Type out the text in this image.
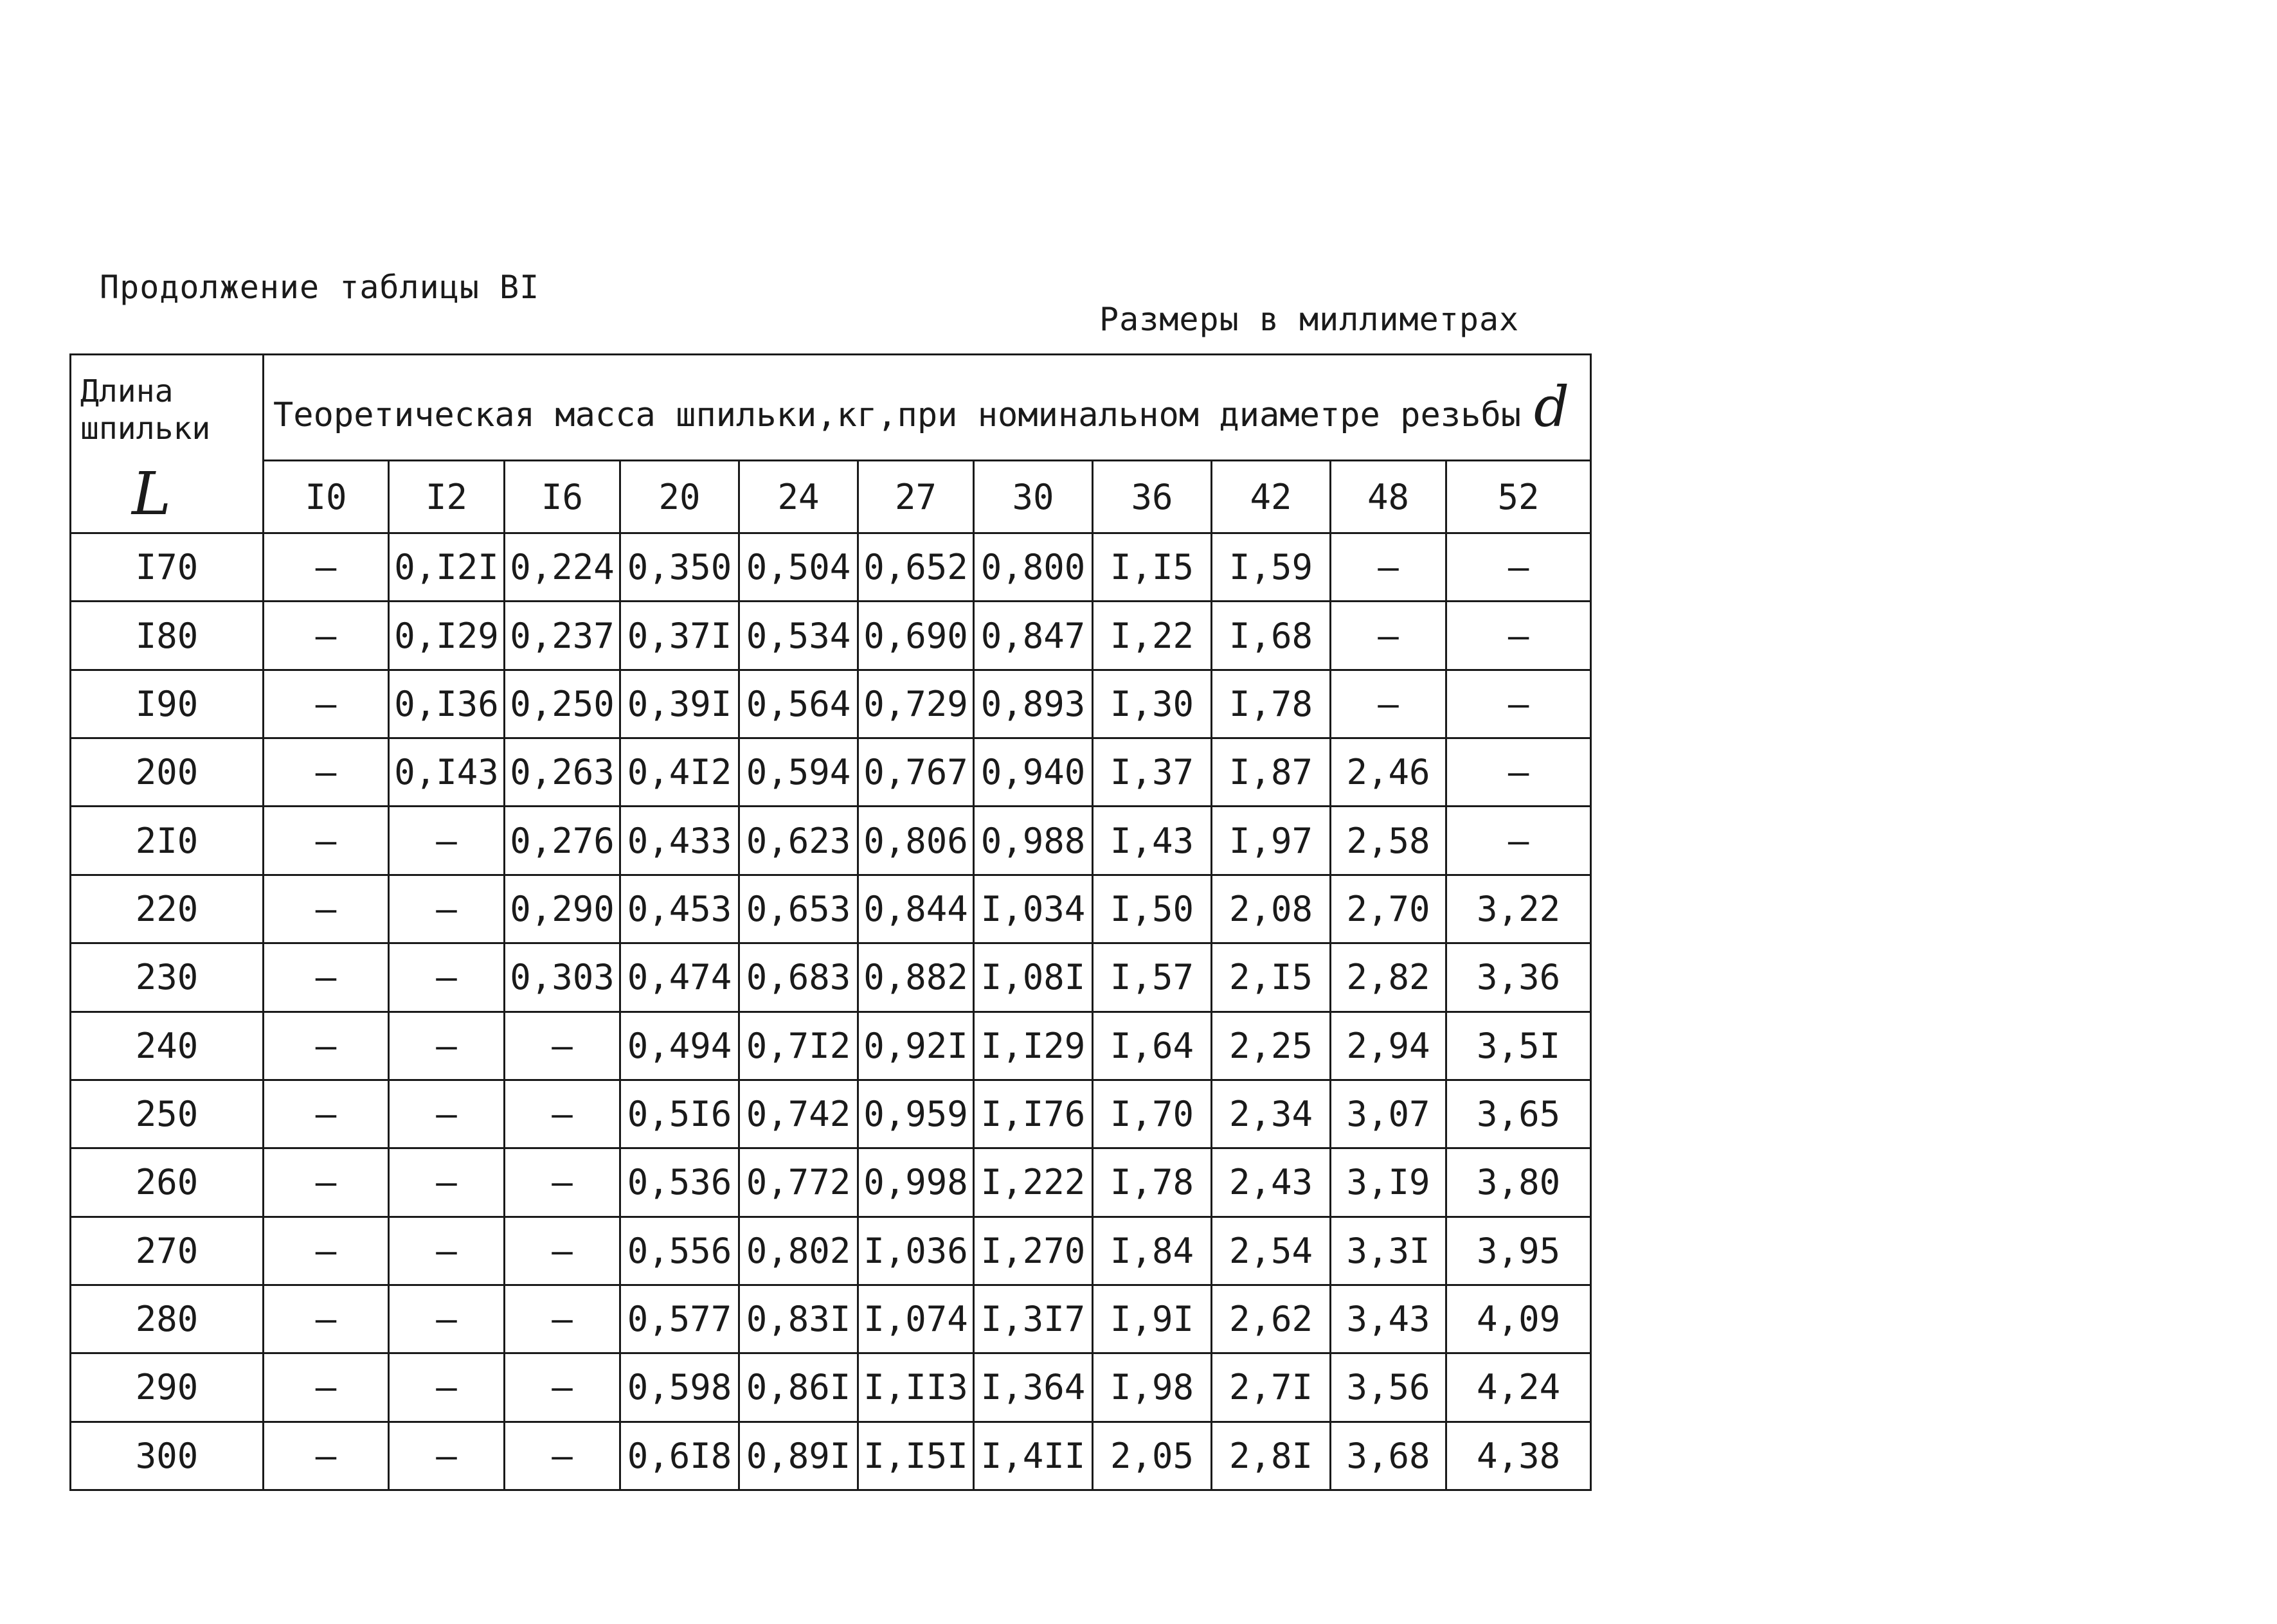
Продолжение таблицы BI
Размеры в миллиметрах
Длина шпильки
L	Теоретическая масса шпильки,кг,при номинальном диаметре резьбы d										
	I0	I2	I6	20	24	27	30	36	42	48	52
I70	–	0,I2I	0,224	0,350	0,504	0,652	0,800	I,I5	I,59	–	–
I80	–	0,I29	0,237	0,37I	0,534	0,690	0,847	I,22	I,68	–	–
I90	–	0,I36	0,250	0,39I	0,564	0,729	0,893	I,30	I,78	–	–
200	–	0,I43	0,263	0,4I2	0,594	0,767	0,940	I,37	I,87	2,46	–
2I0	–	–	0,276	0,433	0,623	0,806	0,988	I,43	I,97	2,58	–
220	–	–	0,290	0,453	0,653	0,844	I,034	I,50	2,08	2,70	3,22
230	–	–	0,303	0,474	0,683	0,882	I,08I	I,57	2,I5	2,82	3,36
240	–	–	–	0,494	0,7I2	0,92I	I,I29	I,64	2,25	2,94	3,5I
250	–	–	–	0,5I6	0,742	0,959	I,I76	I,70	2,34	3,07	3,65
260	–	–	–	0,536	0,772	0,998	I,222	I,78	2,43	3,I9	3,80
270	–	–	–	0,556	0,802	I,036	I,270	I,84	2,54	3,3I	3,95
280	–	–	–	0,577	0,83I	I,074	I,3I7	I,9I	2,62	3,43	4,09
290	–	–	–	0,598	0,86I	I,II3	I,364	I,98	2,7I	3,56	4,24
300	–	–	–	0,6I8	0,89I	I,I5I	I,4II	2,05	2,8I	3,68	4,38
